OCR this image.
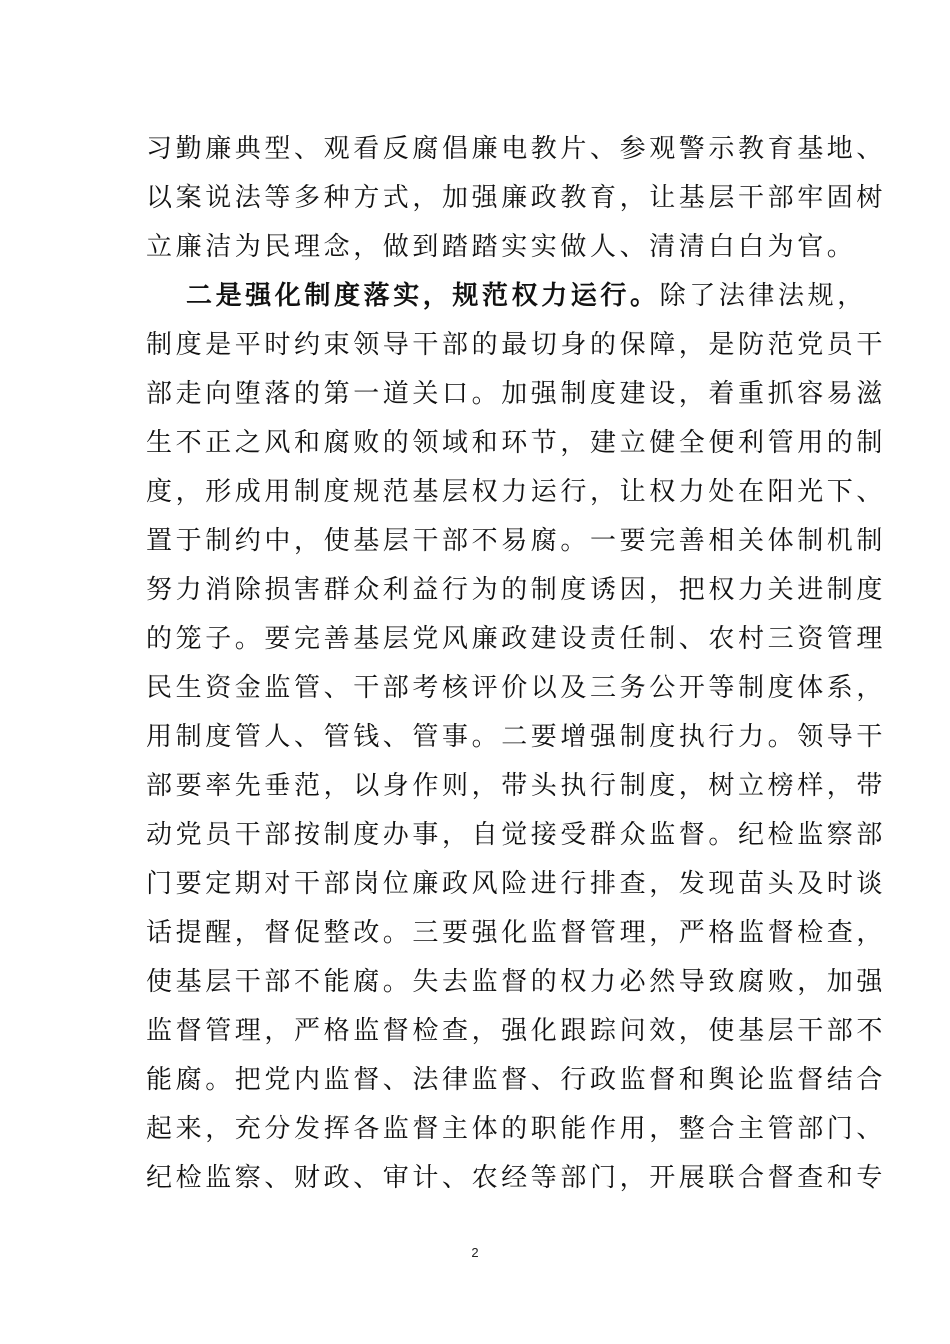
习勤廉典型、观看反腐倡廉电教片、参观警示教育基地、
以案说法等多种方式，加强廉政教育，让基层干部牢固树
立廉洁为民理念，做到踏踏实实做人、清清白白为官。
二是强化制度落实，规范权力运行。除了法律法规，
制度是平时约束领导干部的最切身的保障，是防范党员干
部走向堕落的第一道关口。加强制度建设，着重抓容易滋
生不正之风和腐败的领域和环节，建立健全便利管用的制
度，形成用制度规范基层权力运行，让权力处在阳光下、
置于制约中，使基层干部不易腐。一要完善相关体制机制
努力消除损害群众利益行为的制度诱因，把权力关进制度
的笼子。要完善基层党风廉政建设责任制、农村三资管理
民生资金监管、干部考核评价以及三务公开等制度体系，
用制度管人、管钱、管事。二要增强制度执行力。领导干
部要率先垂范，以身作则，带头执行制度，树立榜样，带
动党员干部按制度办事，自觉接受群众监督。纪检监察部
门要定期对干部岗位廉政风险进行排查，发现苗头及时谈
话提醒，督促整改。三要强化监督管理，严格监督检查，
使基层干部不能腐。失去监督的权力必然导致腐败，加强
监督管理，严格监督检查，强化跟踪问效，使基层干部不
能腐。把党内监督、法律监督、行政监督和舆论监督结合
起来，充分发挥各监督主体的职能作用，整合主管部门、
纪检监察、财政、审计、农经等部门，开展联合督查和专
2
